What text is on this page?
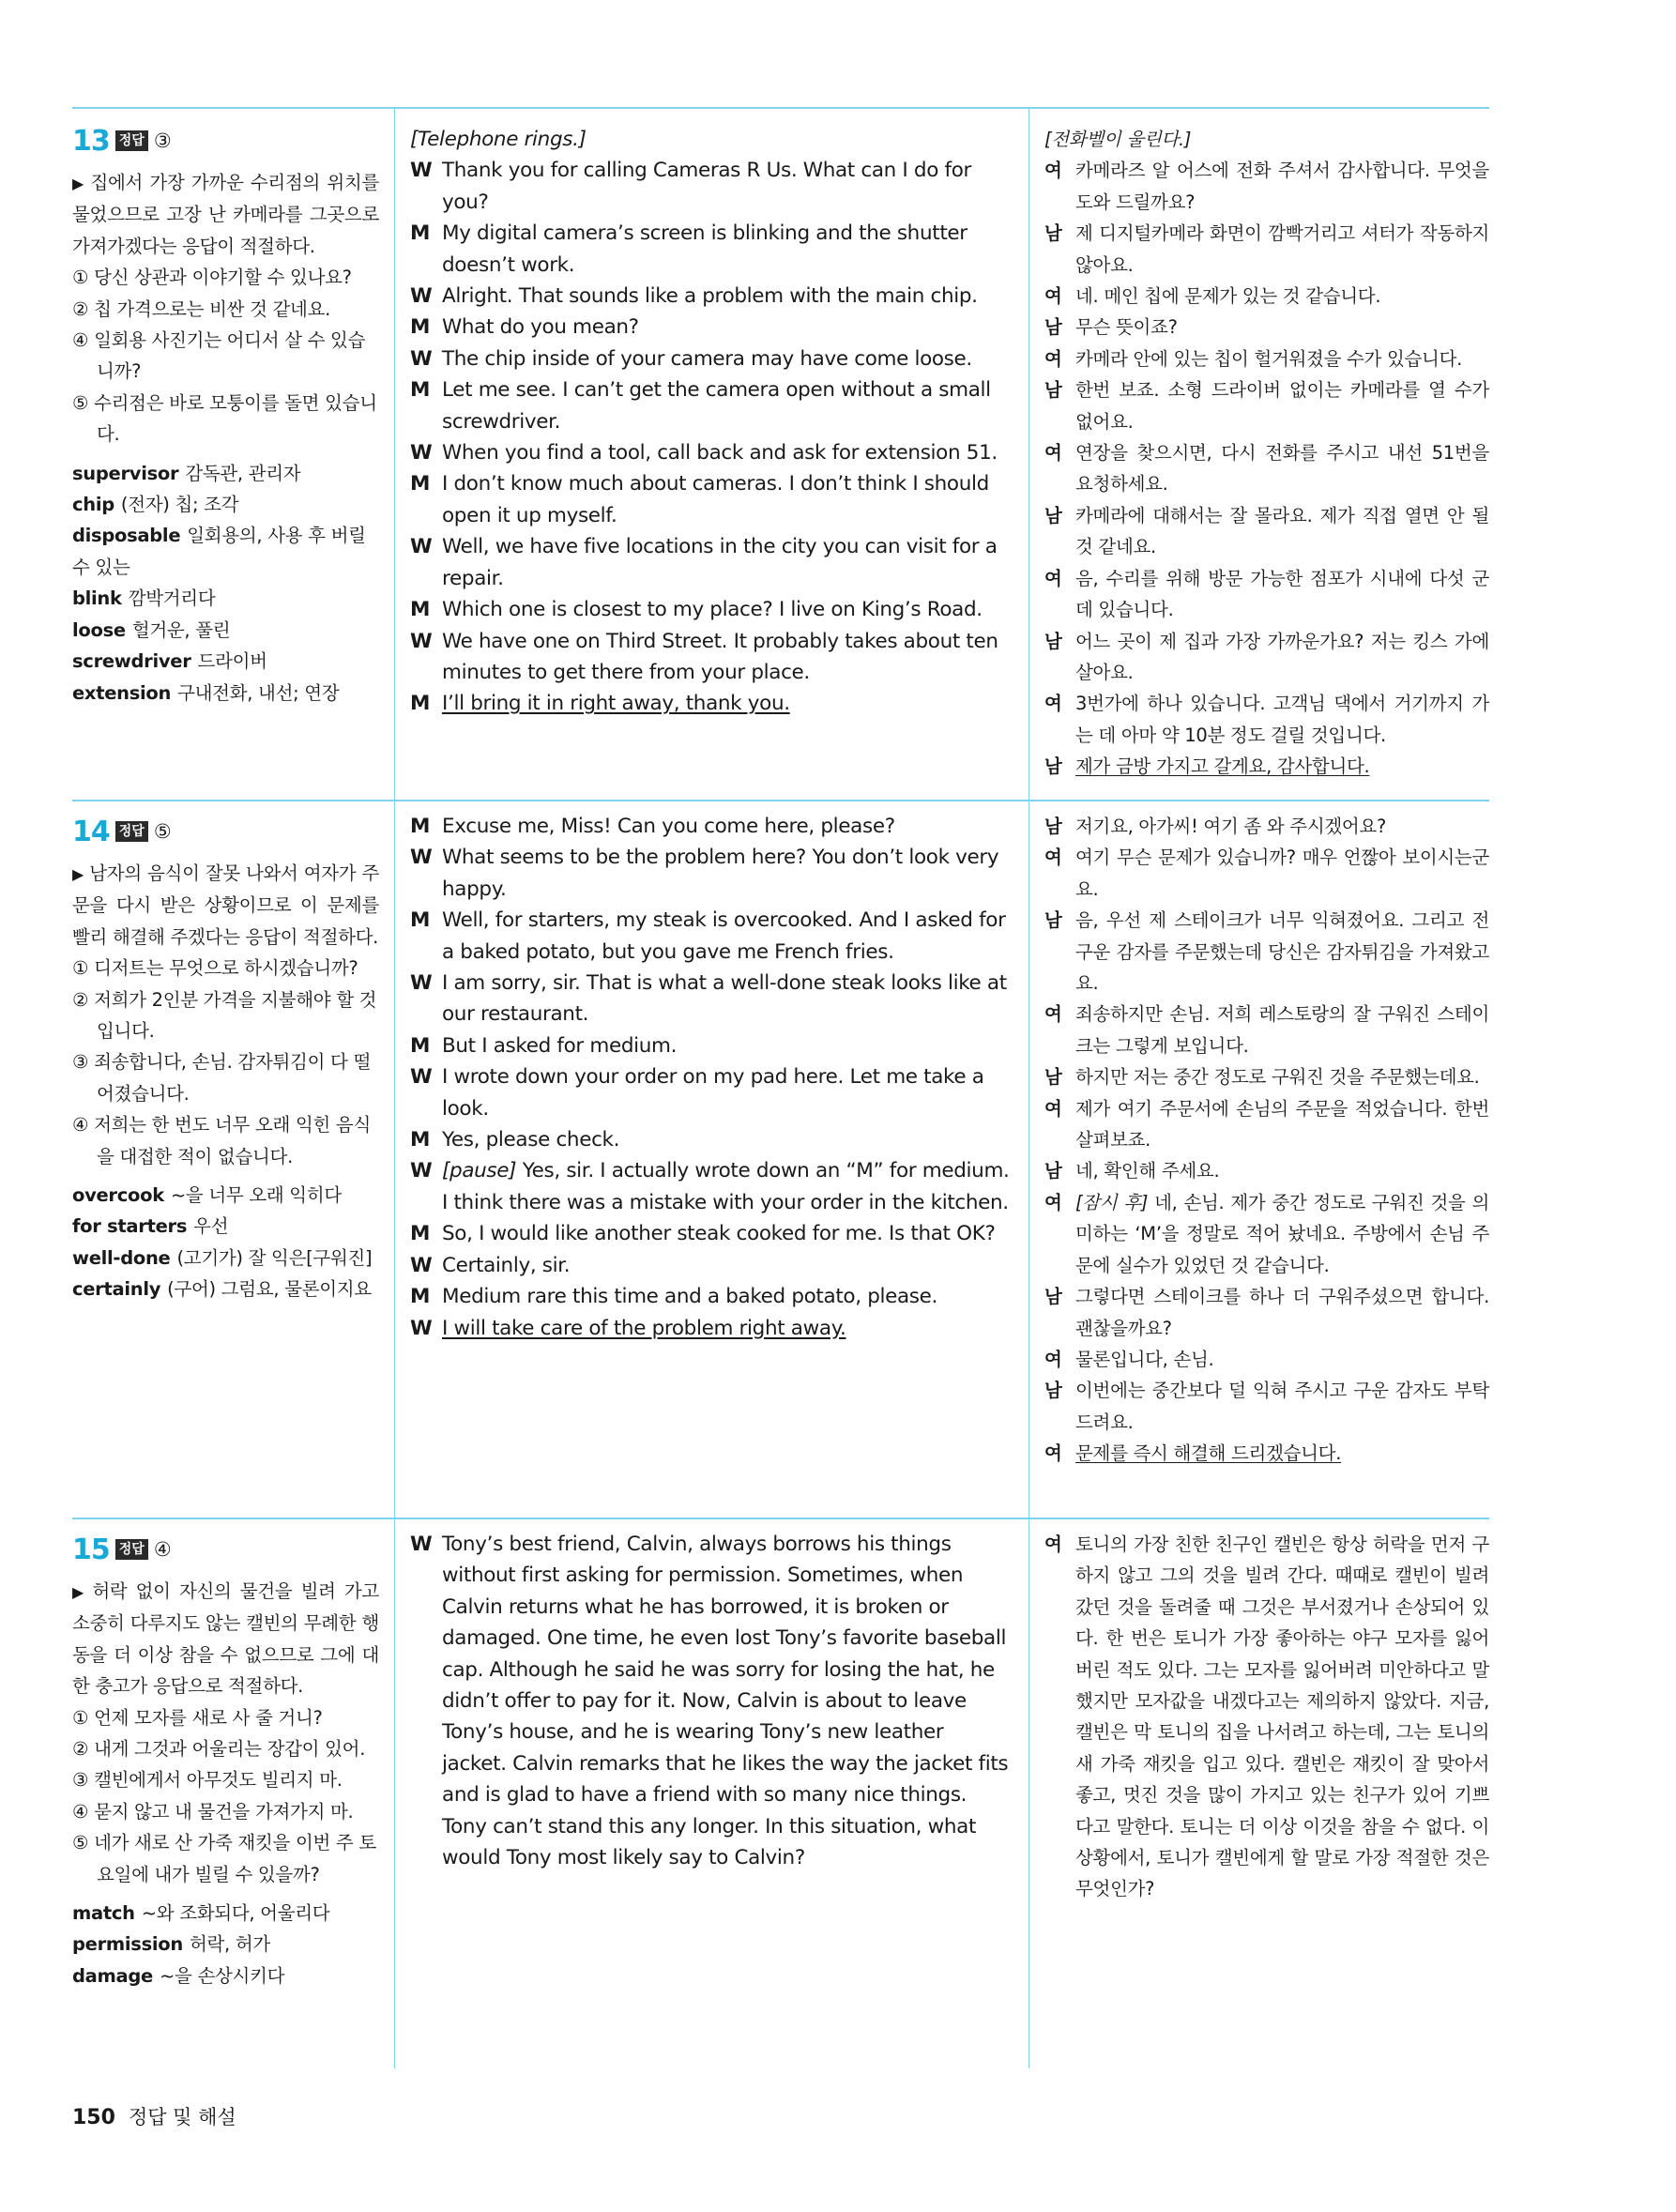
13 정답 ③

▶ 집에서 가장 가까운 수리점의 위치를 물었으므로 고장 난 카메라를 그곳으로 가져가겠다는 응답이 적절하다.

① 당신 상관과 이야기할 수 있나요?
② 칩 가격으로는 비싼 것 같네요.
④ 일회용 사진기는 어디서 살 수 있습니까?
⑤ 수리점은 바로 모퉁이를 돌면 있습니다.
supervisor 감독관, 관리자
chip (전자) 칩; 조각
disposable 일회용의, 사용 후 버릴 수 있는
blink 깜박거리다
loose 헐거운, 풀린
screwdriver 드라이버
extension 구내전화, 내선; 연장

[Telephone rings.]

W Thank you for calling Cameras R Us. What can I do for you?
M My digital camera’s screen is blinking and the shutter doesn’t work.
W Alright. That sounds like a problem with the main chip.
M What do you mean?
W The chip inside of your camera may have come loose.
M Let me see. I can’t get the camera open without a small screwdriver.
W When you find a tool, call back and ask for extension 51.
M I don’t know much about cameras. I don’t think I should open it up myself.
W Well, we have five locations in the city you can visit for a repair.
M Which one is closest to my place? I live on King’s Road.
W We have one on Third Street. It probably takes about ten minutes to get there from your place.
M I’ll bring it in right away, thank you.

[전화벨이 울린다.]

여 카메라즈 알 어스에 전화 주셔서 감사합니다. 무엇을 도와 드릴까요?
남 제 디지털카메라 화면이 깜빡거리고 셔터가 작동하지 않아요.
여 네. 메인 칩에 문제가 있는 것 같습니다.
남 무슨 뜻이죠?
여 카메라 안에 있는 칩이 헐거워졌을 수가 있습니다.
남 한번 보죠. 소형 드라이버 없이는 카메라를 열 수가 없어요.
여 연장을 찾으시면, 다시 전화를 주시고 내선 51번을 요청하세요.
남 카메라에 대해서는 잘 몰라요. 제가 직접 열면 안 될 것 같네요.
여 음, 수리를 위해 방문 가능한 점포가 시내에 다섯 군데 있습니다.
남 어느 곳이 제 집과 가장 가까운가요? 저는 킹스 가에 살아요.
여 3번가에 하나 있습니다. 고객님 댁에서 거기까지 가는 데 아마 약 10분 정도 걸릴 것입니다.
남 제가 금방 가지고 갈게요, 감사합니다.
14 정답 ⑤

▶ 남자의 음식이 잘못 나와서 여자가 주문을 다시 받은 상황이므로 이 문제를 빨리 해결해 주겠다는 응답이 적절하다.

① 디저트는 무엇으로 하시겠습니까?
② 저희가 2인분 가격을 지불해야 할 것입니다.
③ 죄송합니다, 손님. 감자튀김이 다 떨어졌습니다.
④ 저희는 한 번도 너무 오래 익힌 음식을 대접한 적이 없습니다.
overcook ~을 너무 오래 익히다
for starters 우선
well-done (고기가) 잘 익은[구워진]
certainly (구어) 그럼요, 물론이지요
M Excuse me, Miss! Can you come here, please?
W What seems to be the problem here? You don’t look very happy.
M Well, for starters, my steak is overcooked. And I asked for a baked potato, but you gave me French fries.
W I am sorry, sir. That is what a well-done steak looks like at our restaurant.
M But I asked for medium.
W I wrote down your order on my pad here. Let me take a look.
M Yes, please check.
W [pause] Yes, sir. I actually wrote down an “M” for medium. I think there was a mistake with your order in the kitchen.
M So, I would like another steak cooked for me. Is that OK?
W Certainly, sir.
M Medium rare this time and a baked potato, please.
W I will take care of the problem right away.
남 저기요, 아가씨! 여기 좀 와 주시겠어요?
여 여기 무슨 문제가 있습니까? 매우 언짢아 보이시는군요.
남 음, 우선 제 스테이크가 너무 익혀졌어요. 그리고 전 구운 감자를 주문했는데 당신은 감자튀김을 가져왔고요.
여 죄송하지만 손님. 저희 레스토랑의 잘 구워진 스테이크는 그렇게 보입니다.
남 하지만 저는 중간 정도로 구워진 것을 주문했는데요.
여 제가 여기 주문서에 손님의 주문을 적었습니다. 한번 살펴보죠.
남 네, 확인해 주세요.
여 [잠시 후] 네, 손님. 제가 중간 정도로 구워진 것을 의미하는 ‘M’을 정말로 적어 놨네요. 주방에서 손님 주문에 실수가 있었던 것 같습니다.
남 그렇다면 스테이크를 하나 더 구워주셨으면 합니다. 괜찮을까요?
여 물론입니다, 손님.
남 이번에는 중간보다 덜 익혀 주시고 구운 감자도 부탁드려요.
여 문제를 즉시 해결해 드리겠습니다.
15 정답 ④

▶ 허락 없이 자신의 물건을 빌려 가고 소중히 다루지도 않는 캘빈의 무례한 행동을 더 이상 참을 수 없으므로 그에 대한 충고가 응답으로 적절하다.

① 언제 모자를 새로 사 줄 거니?
② 내게 그것과 어울리는 장갑이 있어.
③ 캘빈에게서 아무것도 빌리지 마.
④ 묻지 않고 내 물건을 가져가지 마.
⑤ 네가 새로 산 가죽 재킷을 이번 주 토요일에 내가 빌릴 수 있을까?
match ~와 조화되다, 어울리다
permission 허락, 허가
damage ~을 손상시키다
W Tony’s best friend, Calvin, always borrows his things without first asking for permission. Sometimes, when Calvin returns what he has borrowed, it is broken or damaged. One time, he even lost Tony’s favorite baseball cap. Although he said he was sorry for losing the hat, he didn’t offer to pay for it. Now, Calvin is about to leave Tony’s house, and he is wearing Tony’s new leather jacket. Calvin remarks that he likes the way the jacket fits and is glad to have a friend with so many nice things. Tony can’t stand this any longer. In this situation, what would Tony most likely say to Calvin?
여 토니의 가장 친한 친구인 캘빈은 항상 허락을 먼저 구하지 않고 그의 것을 빌려 간다. 때때로 캘빈이 빌려 갔던 것을 돌려줄 때 그것은 부서졌거나 손상되어 있다. 한 번은 토니가 가장 좋아하는 야구 모자를 잃어버린 적도 있다. 그는 모자를 잃어버려 미안하다고 말했지만 모자값을 내겠다고는 제의하지 않았다. 지금, 캘빈은 막 토니의 집을 나서려고 하는데, 그는 토니의 새 가죽 재킷을 입고 있다. 캘빈은 재킷이 잘 맞아서 좋고, 멋진 것을 많이 가지고 있는 친구가 있어 기쁘다고 말한다. 토니는 더 이상 이것을 참을 수 없다. 이 상황에서, 토니가 캘빈에게 할 말로 가장 적절한 것은 무엇인가?
150 정답 및 해설
